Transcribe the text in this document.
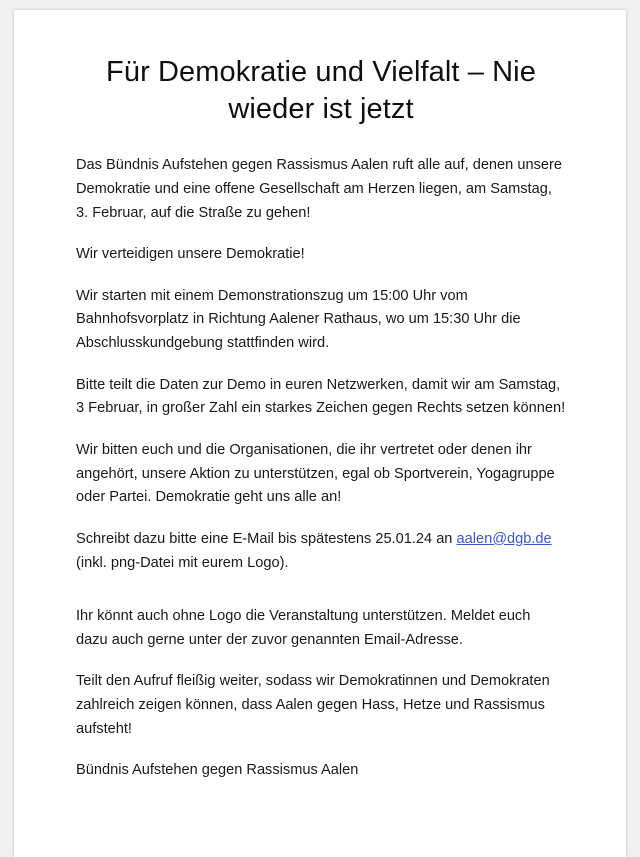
Für Demokratie und Vielfalt – Nie wieder ist jetzt

Das Bündnis Aufstehen gegen Rassismus Aalen ruft alle auf, denen unsere Demokratie und eine offene Gesellschaft am Herzen liegen, am Samstag, 3. Februar, auf die Straße zu gehen!

Wir verteidigen unsere Demokratie!

Wir starten mit einem Demonstrationszug um 15:00 Uhr vom Bahnhofsvorplatz in Richtung Aalener Rathaus, wo um 15:30 Uhr die Abschlusskundgebung stattfinden wird.

Bitte teilt die Daten zur Demo in euren Netzwerken, damit wir am Samstag, 3 Februar, in großer Zahl ein starkes Zeichen gegen Rechts setzen können!

Wir bitten euch und die Organisationen, die ihr vertretet oder denen ihr angehört, unsere Aktion zu unterstützen, egal ob Sportverein, Yogagruppe oder Partei. Demokratie geht uns alle an!

Schreibt dazu bitte eine E-Mail bis spätestens 25.01.24 an aalen@dgb.de (inkl. png-Datei mit eurem Logo).

Ihr könnt auch ohne Logo die Veranstaltung unterstützen. Meldet euch dazu auch gerne unter der zuvor genannten Email-Adresse.

Teilt den Aufruf fleißig weiter, sodass wir Demokratinnen und Demokraten zahlreich zeigen können, dass Aalen gegen Hass, Hetze und Rassismus aufsteht!

Bündnis Aufstehen gegen Rassismus Aalen
